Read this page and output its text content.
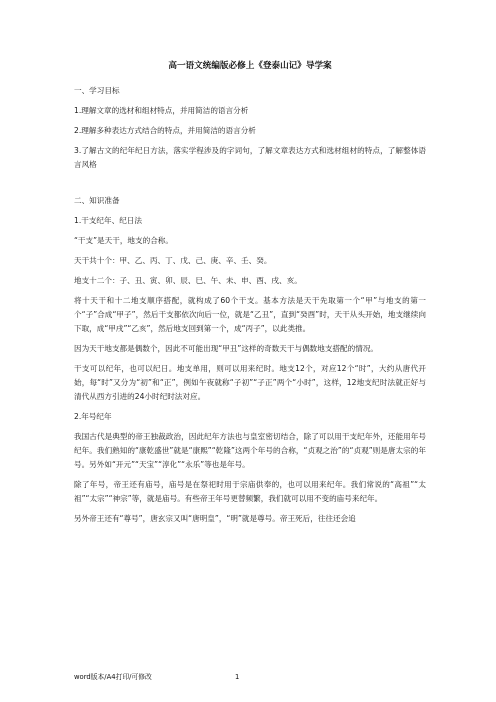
高一语文统编版必修上《登泰山记》导学案
一、学习目标
1.理解文章的选材和组材特点，并用简洁的语言分析
2.理解多种表达方式结合的特点，并用简洁的语言分析
3.了解古文的纪年纪日方法，落实学程涉及的字词句，了解文章表达方式和选材组材的特点，了解整体语言风格
二、知识准备
1.干支纪年、纪日法
“干支”是天干，地支的合称。
天干共十个：甲、乙、丙、丁、戊、己、庚、辛、壬、癸。
地支十二个：子、丑、寅、卯、辰、巳、午、未、申、酉、戌、亥。
将十天干和十二地支顺序搭配，就构成了60个干支。基本方法是天干先取第一个“甲”与地支的第一个“子”合成“甲子”，然后干支都依次向后一位，就是“乙丑”，直到“癸酉”时，天干从头开始，地支继续向下取，成“甲戌”“乙亥”，然后地支回到第一个，成“丙子”，以此类推。
因为天干地支都是偶数个，因此不可能出现“甲丑”这样的奇数天干与偶数地支搭配的情况。
干支可以纪年，也可以纪日。地支单用，则可以用来纪时。地支12个，对应12个“时”，大约从唐代开始，每“时”又分为“初”和“正”，例如午夜就称“子初”“子正”两个“小时”，这样，12地支纪时法就正好与清代从西方引进的24小时纪时法对应。
2.年号纪年
我国古代是典型的帝王独裁政治，因此纪年方法也与皇室密切结合，除了可以用干支纪年外，还能用年号纪年。我们熟知的“康乾盛世”就是“康熙”“乾隆”这两个年号的合称，“贞观之治”的“贞观”则是唐太宗的年号。另外如“开元”“天宝”“淳化”“永乐”等也是年号。
除了年号，帝王还有庙号，庙号是在祭祀时用于宗庙供奉的，也可以用来纪年。我们常说的“高祖”“太祖”“太宗”“神宗”等，就是庙号。有些帝王年号更替频繁，我们就可以用不变的庙号来纪年。
另外帝王还有“尊号”，唐玄宗又叫“唐明皇”，“明”就是尊号。帝王死后，往往还会追
word版本/A4打印/可修改	1
